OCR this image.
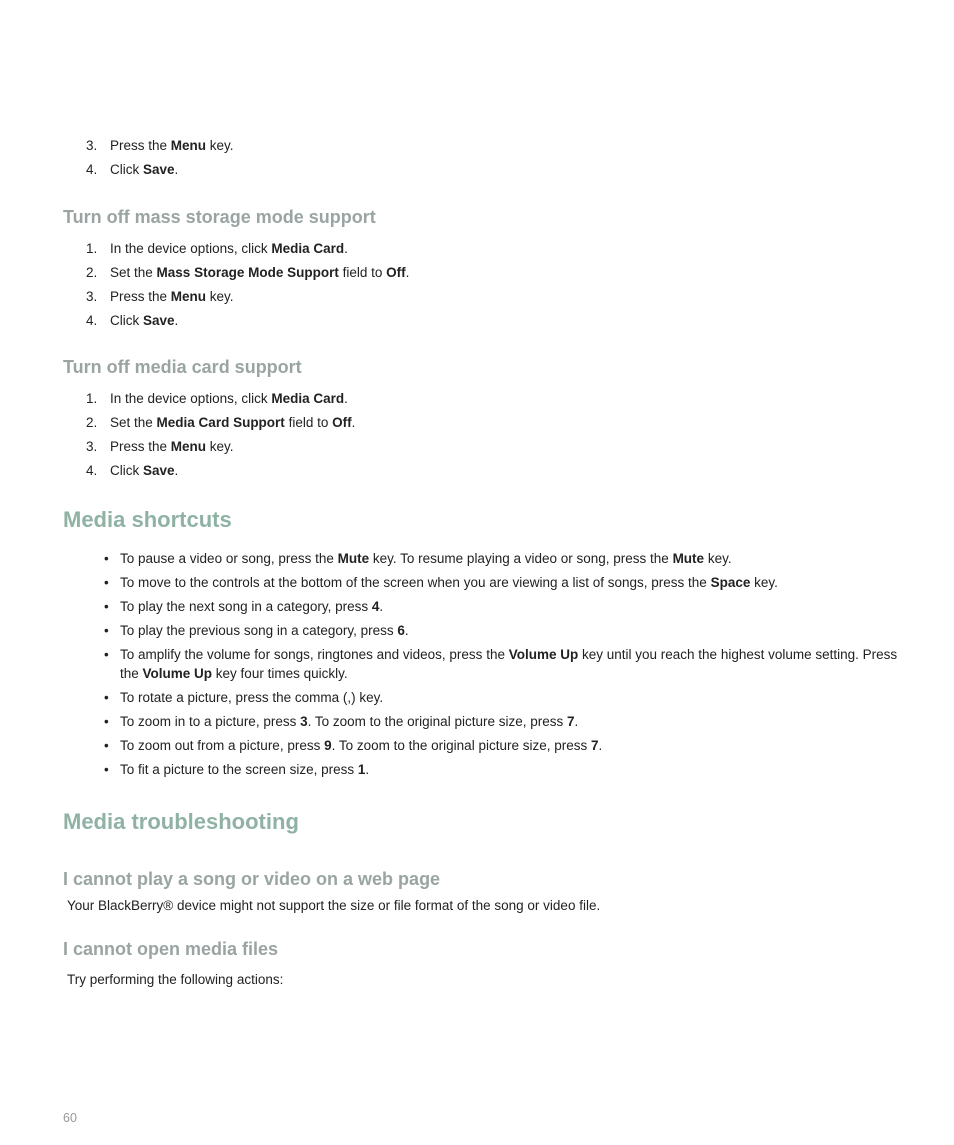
3. Press the Menu key.
4. Click Save.
Turn off mass storage mode support
1. In the device options, click Media Card.
2. Set the Mass Storage Mode Support field to Off.
3. Press the Menu key.
4. Click Save.
Turn off media card support
1. In the device options, click Media Card.
2. Set the Media Card Support field to Off.
3. Press the Menu key.
4. Click Save.
Media shortcuts
• To pause a video or song, press the Mute key. To resume playing a video or song, press the Mute key.
• To move to the controls at the bottom of the screen when you are viewing a list of songs, press the Space key.
• To play the next song in a category, press 4.
• To play the previous song in a category, press 6.
• To amplify the volume for songs, ringtones and videos, press the Volume Up key until you reach the highest volume setting. Press the Volume Up key four times quickly.
• To rotate a picture, press the comma (,) key.
• To zoom in to a picture, press 3. To zoom to the original picture size, press 7.
• To zoom out from a picture, press 9. To zoom to the original picture size, press 7.
• To fit a picture to the screen size, press 1.
Media troubleshooting
I cannot play a song or video on a web page

Your BlackBerry® device might not support the size or file format of the song or video file.

I cannot open media files

Try performing the following actions:

60
